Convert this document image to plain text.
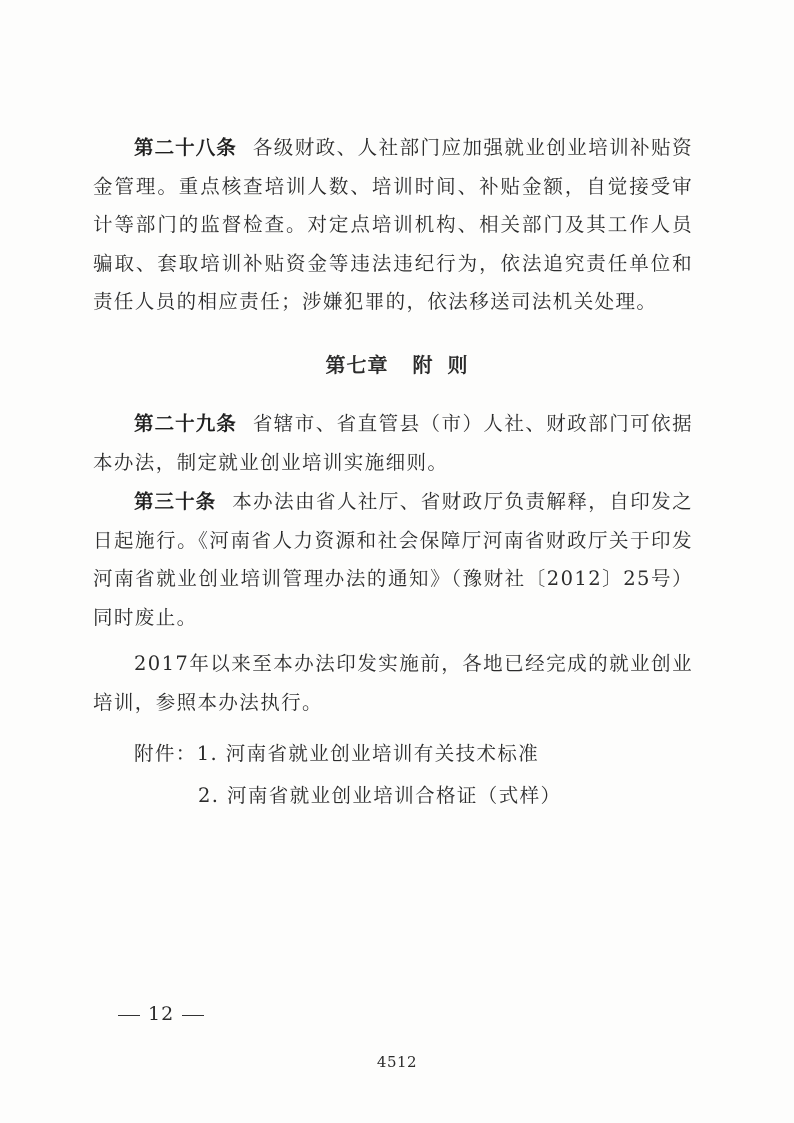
第二十八条 各级财政、人社部门应加强就业创业培训补贴资金管理。重点核查培训人数、培训时间、补贴金额，自觉接受审计等部门的监督检查。对定点培训机构、相关部门及其工作人员骗取、套取培训补贴资金等违法违纪行为，依法追究责任单位和责任人员的相应责任；涉嫌犯罪的，依法移送司法机关处理。

第七章 附 则

第二十九条 省辖市、省直管县（市）人社、财政部门可依据本办法，制定就业创业培训实施细则。

第三十条 本办法由省人社厅、省财政厅负责解释，自印发之日起施行。《河南省人力资源和社会保障厅河南省财政厅关于印发河南省就业创业培训管理办法的通知》（豫财社〔2012〕25号）同时废止。

2017年以来至本办法印发实施前，各地已经完成的就业创业培训，参照本办法执行。

附件：1. 河南省就业创业培训有关技术标准

2. 河南省就业创业培训合格证（式样）

12
4512
